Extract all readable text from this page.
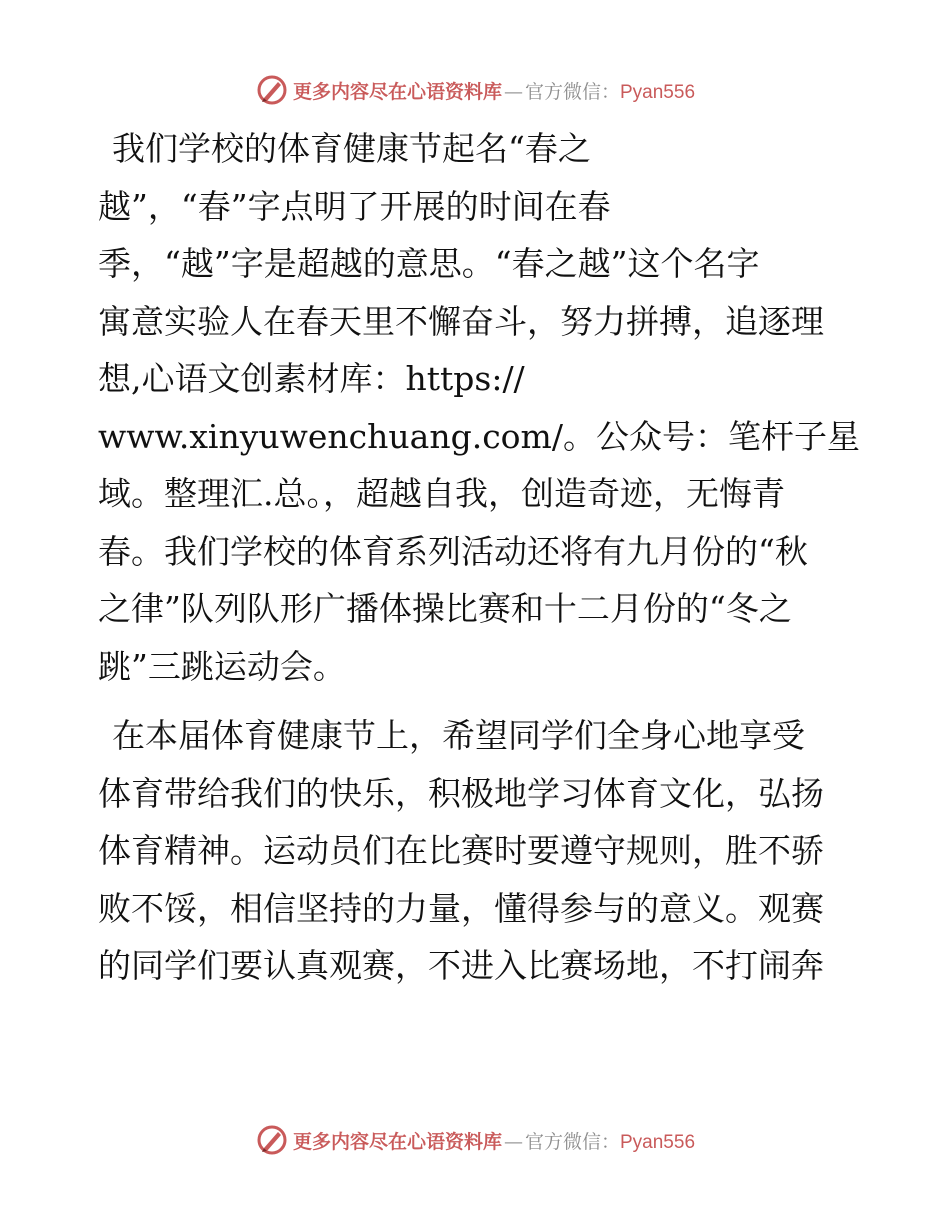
更多内容尽在心语资料库 — 官方微信：Pyan556

我们学校的体育健康节起名“春之
越”，“春”字点明了开展的时间在春
季，“越”字是超越的意思。“春之越”这个名字
寓意实验人在春天里不懈奋斗，努力拼搏，追逐理
想,心语文创素材库：https://
www.xinyuwenchuang.com/。公众号：笔杆子星
域。整理汇.总。，超越自我，创造奇迹，无悔青
春。我们学校的体育系列活动还将有九月份的“秋
之律”队列队形广播体操比赛和十二月份的“冬之
跳”三跳运动会。

在本届体育健康节上，希望同学们全身心地享受
体育带给我们的快乐，积极地学习体育文化，弘扬
体育精神。运动员们在比赛时要遵守规则，胜不骄
败不馁，相信坚持的力量，懂得参与的意义。观赛
的同学们要认真观赛，不进入比赛场地，不打闹奔

更多内容尽在心语资料库 — 官方微信：Pyan556
